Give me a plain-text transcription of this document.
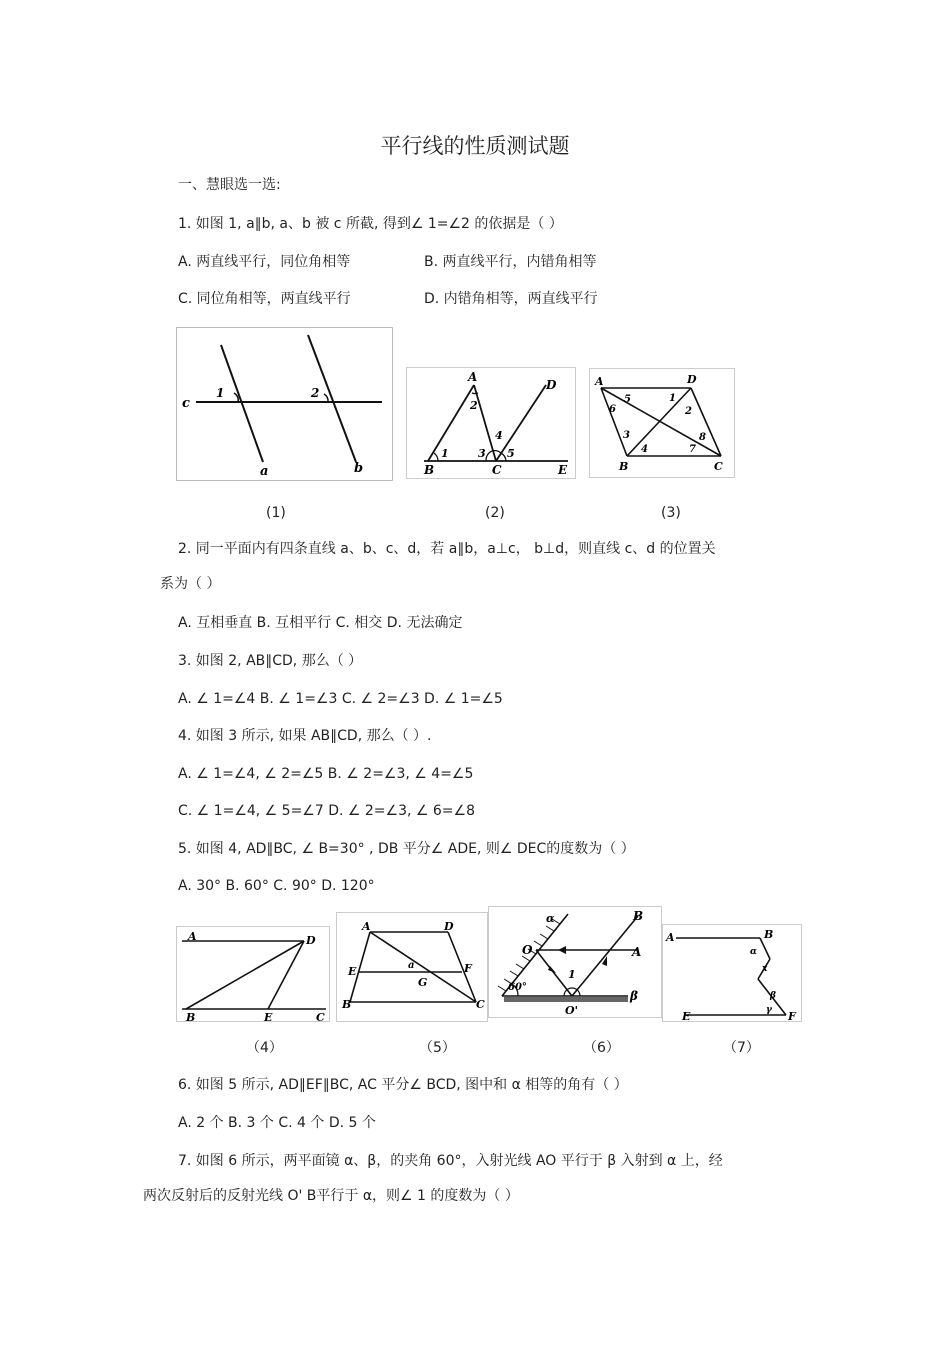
平行线的性质测试题
一、慧眼选一选:
1. 如图 1, a∥b, a、b 被 c 所截, 得到∠ 1=∠2 的依据是（ ）
A. 两直线平行，同位角相等	B. 两直线平行，内错角相等
C. 同位角相等，两直线平行	D. 内错角相等，两直线平行
c
1	2
a	b
A
2
1	3
4
5
D
B	C	E
A	D
B	C
5
6
1
2
3
4
8
7
(1)	(2)	(3)
2. 同一平面内有四条直线 a、b、c、d，若 a∥b，a⊥c， b⊥d，则直线 c、d 的位置关
系为（ ）
A. 互相垂直 B. 互相平行 C. 相交 D. 无法确定
3. 如图 2, AB∥CD, 那么（ ）
A. ∠ 1=∠4 B. ∠ 1=∠3 C. ∠ 2=∠3 D. ∠ 1=∠5
4. 如图 3 所示, 如果 AB∥CD, 那么（ ）.
A. ∠ 1=∠4, ∠ 2=∠5 B. ∠ 2=∠3, ∠ 4=∠5
C. ∠ 1=∠4, ∠ 5=∠7 D. ∠ 2=∠3, ∠ 6=∠8
5. 如图 4, AD∥BC, ∠ B=30° , DB 平分∠ ADE, 则∠ DEC的度数为（ ）
A. 30° B. 60° C. 90° D. 120°
A	D
B	E	C
A	D
E	F
a
G
B	C
α	B
O	A
1
60°
β
O'
A	B
α
x
β
γ
E	F
（4）	（5）	（6）	（7）
6. 如图 5 所示, AD∥EF∥BC, AC 平分∠ BCD, 图中和 α 相等的角有（ ）
A. 2 个 B. 3 个 C. 4 个 D. 5 个
7. 如图 6 所示，两平面镜 α、β，的夹角 60°，入射光线 AO 平行于 β 入射到 α 上，经
两次反射后的反射光线 O' B平行于 α，则∠ 1 的度数为（ ）
